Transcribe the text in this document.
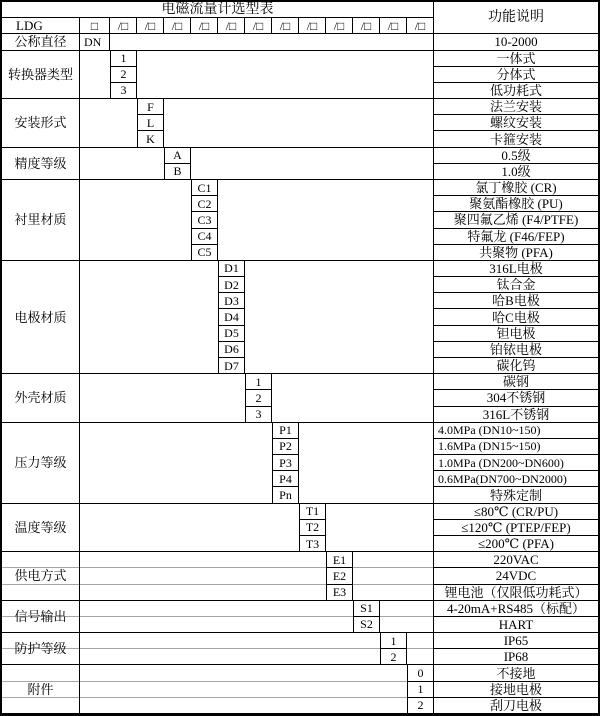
电磁流量计选型表
功能说明
LDG	□	/□	/□	/□	/□	/□	/□	/□	/□	/□	/□	/□	/□
公称直径	DN	10-2000
转换器类型
1	一体式
2	分体式
3	低功耗式
安装形式
F	法兰安装
L	螺纹安装
K	卡箍安装
精度等级
A	0.5级
B	1.0级
衬里材质
C1	氯丁橡胶 (CR)
C2	聚氨酯橡胶 (PU)
C3	聚四氟乙烯 (F4/PTFE)
C4	特氟龙 (F46/FEP)
C5	共聚物 (PFA)
电极材质
D1	316L电极
D2	钛合金
D3	哈B电极
D4	哈C电极
D5	钽电极
D6	铂铱电极
D7	碳化钨
外壳材质
1	碳钢
2	304不锈钢
3	316L不锈钢
压力等级
P1	4.0MPa (DN10~150)
P2	1.6MPa (DN15~150)
P3	1.0MPa (DN200~DN600)
P4	0.6MPa(DN700~DN2000)
Pn	特殊定制
温度等级
T1	≤80℃ (CR/PU)
T2	≤120℃ (PTEP/FEP)
T3	≤200℃ (PFA)
供电方式
E1	220VAC
E2	24VDC
E3	锂电池（仅限低功耗式）
信号输出
S1	4-20mA+RS485（标配）
S2	HART
防护等级
1	IP65
2	IP68
附件
0	不接地
1	接地电极
2	刮刀电极
